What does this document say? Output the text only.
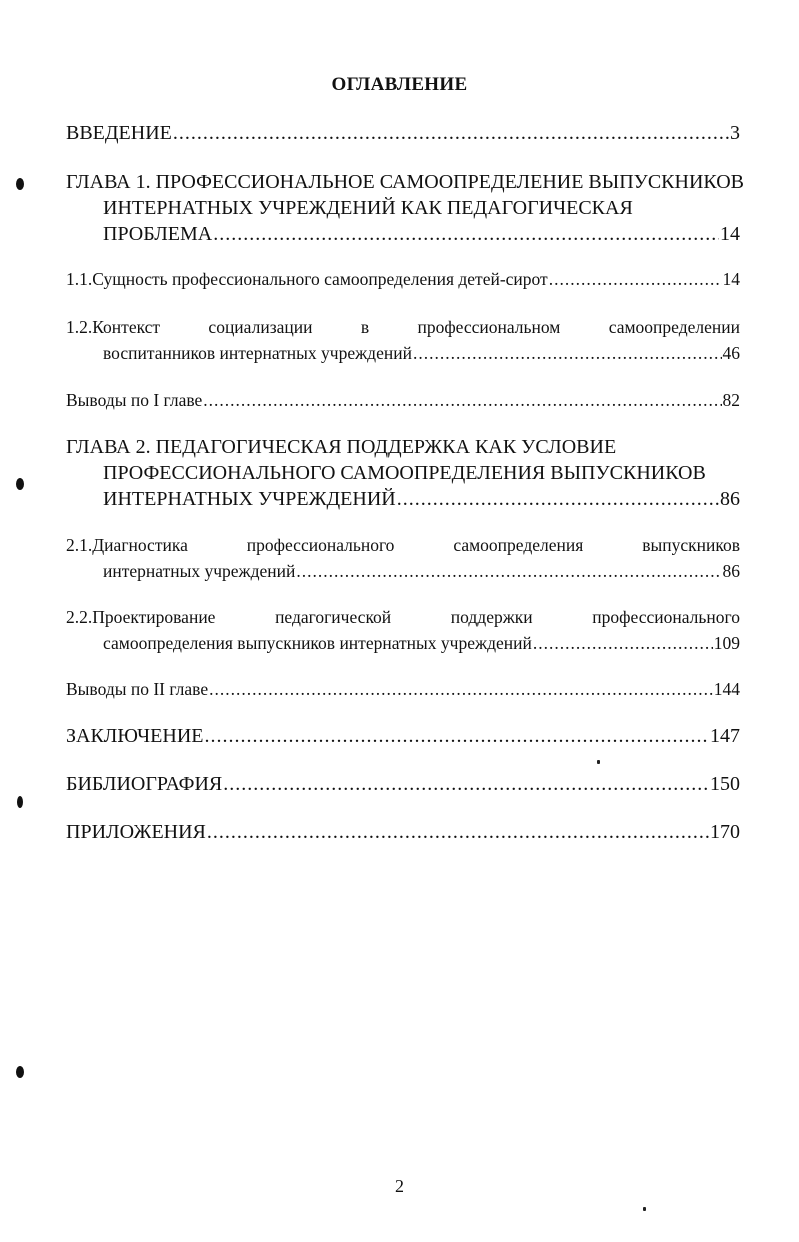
ОГЛАВЛЕНИЕ
ВВЕДЕНИЕ .....	3
ГЛАВА 1. ПРОФЕССИОНАЛЬНОЕ САМООПРЕДЕЛЕНИЕ ВЫПУСКНИКОВ
ИНТЕРНАТНЫХ УЧРЕЖДЕНИЙ КАК ПЕДАГОГИЧЕСКАЯ
ПРОБЛЕМА .....	14
1.1.Сущность профессионального самоопределения детей-сирот .....	14
1.2.Контекст	социализации	в	профессиональном	самоопределении
воспитанников интернатных учреждений .....	46
Выводы по I главе .....	82
ГЛАВА 2. ПЕДАГОГИЧЕСКАЯ ПОДДЕРЖКА КАК УСЛОВИЕ
ПРОФЕССИОНАЛЬНОГО САМООПРЕДЕЛЕНИЯ ВЫПУСКНИКОВ
ИНТЕРНАТНЫХ УЧРЕЖДЕНИЙ .....	86
2.1.Диагностика	профессионального	самоопределения	выпускников
интернатных учреждений .....	86
2.2.Проектирование	педагогической	поддержки	профессионального
самоопределения выпускников интернатных учреждений .....	109
Выводы по II главе .....	144
ЗАКЛЮЧЕНИЕ .....	147
БИБЛИОГРАФИЯ .....	150
ПРИЛОЖЕНИЯ .....	170
2
